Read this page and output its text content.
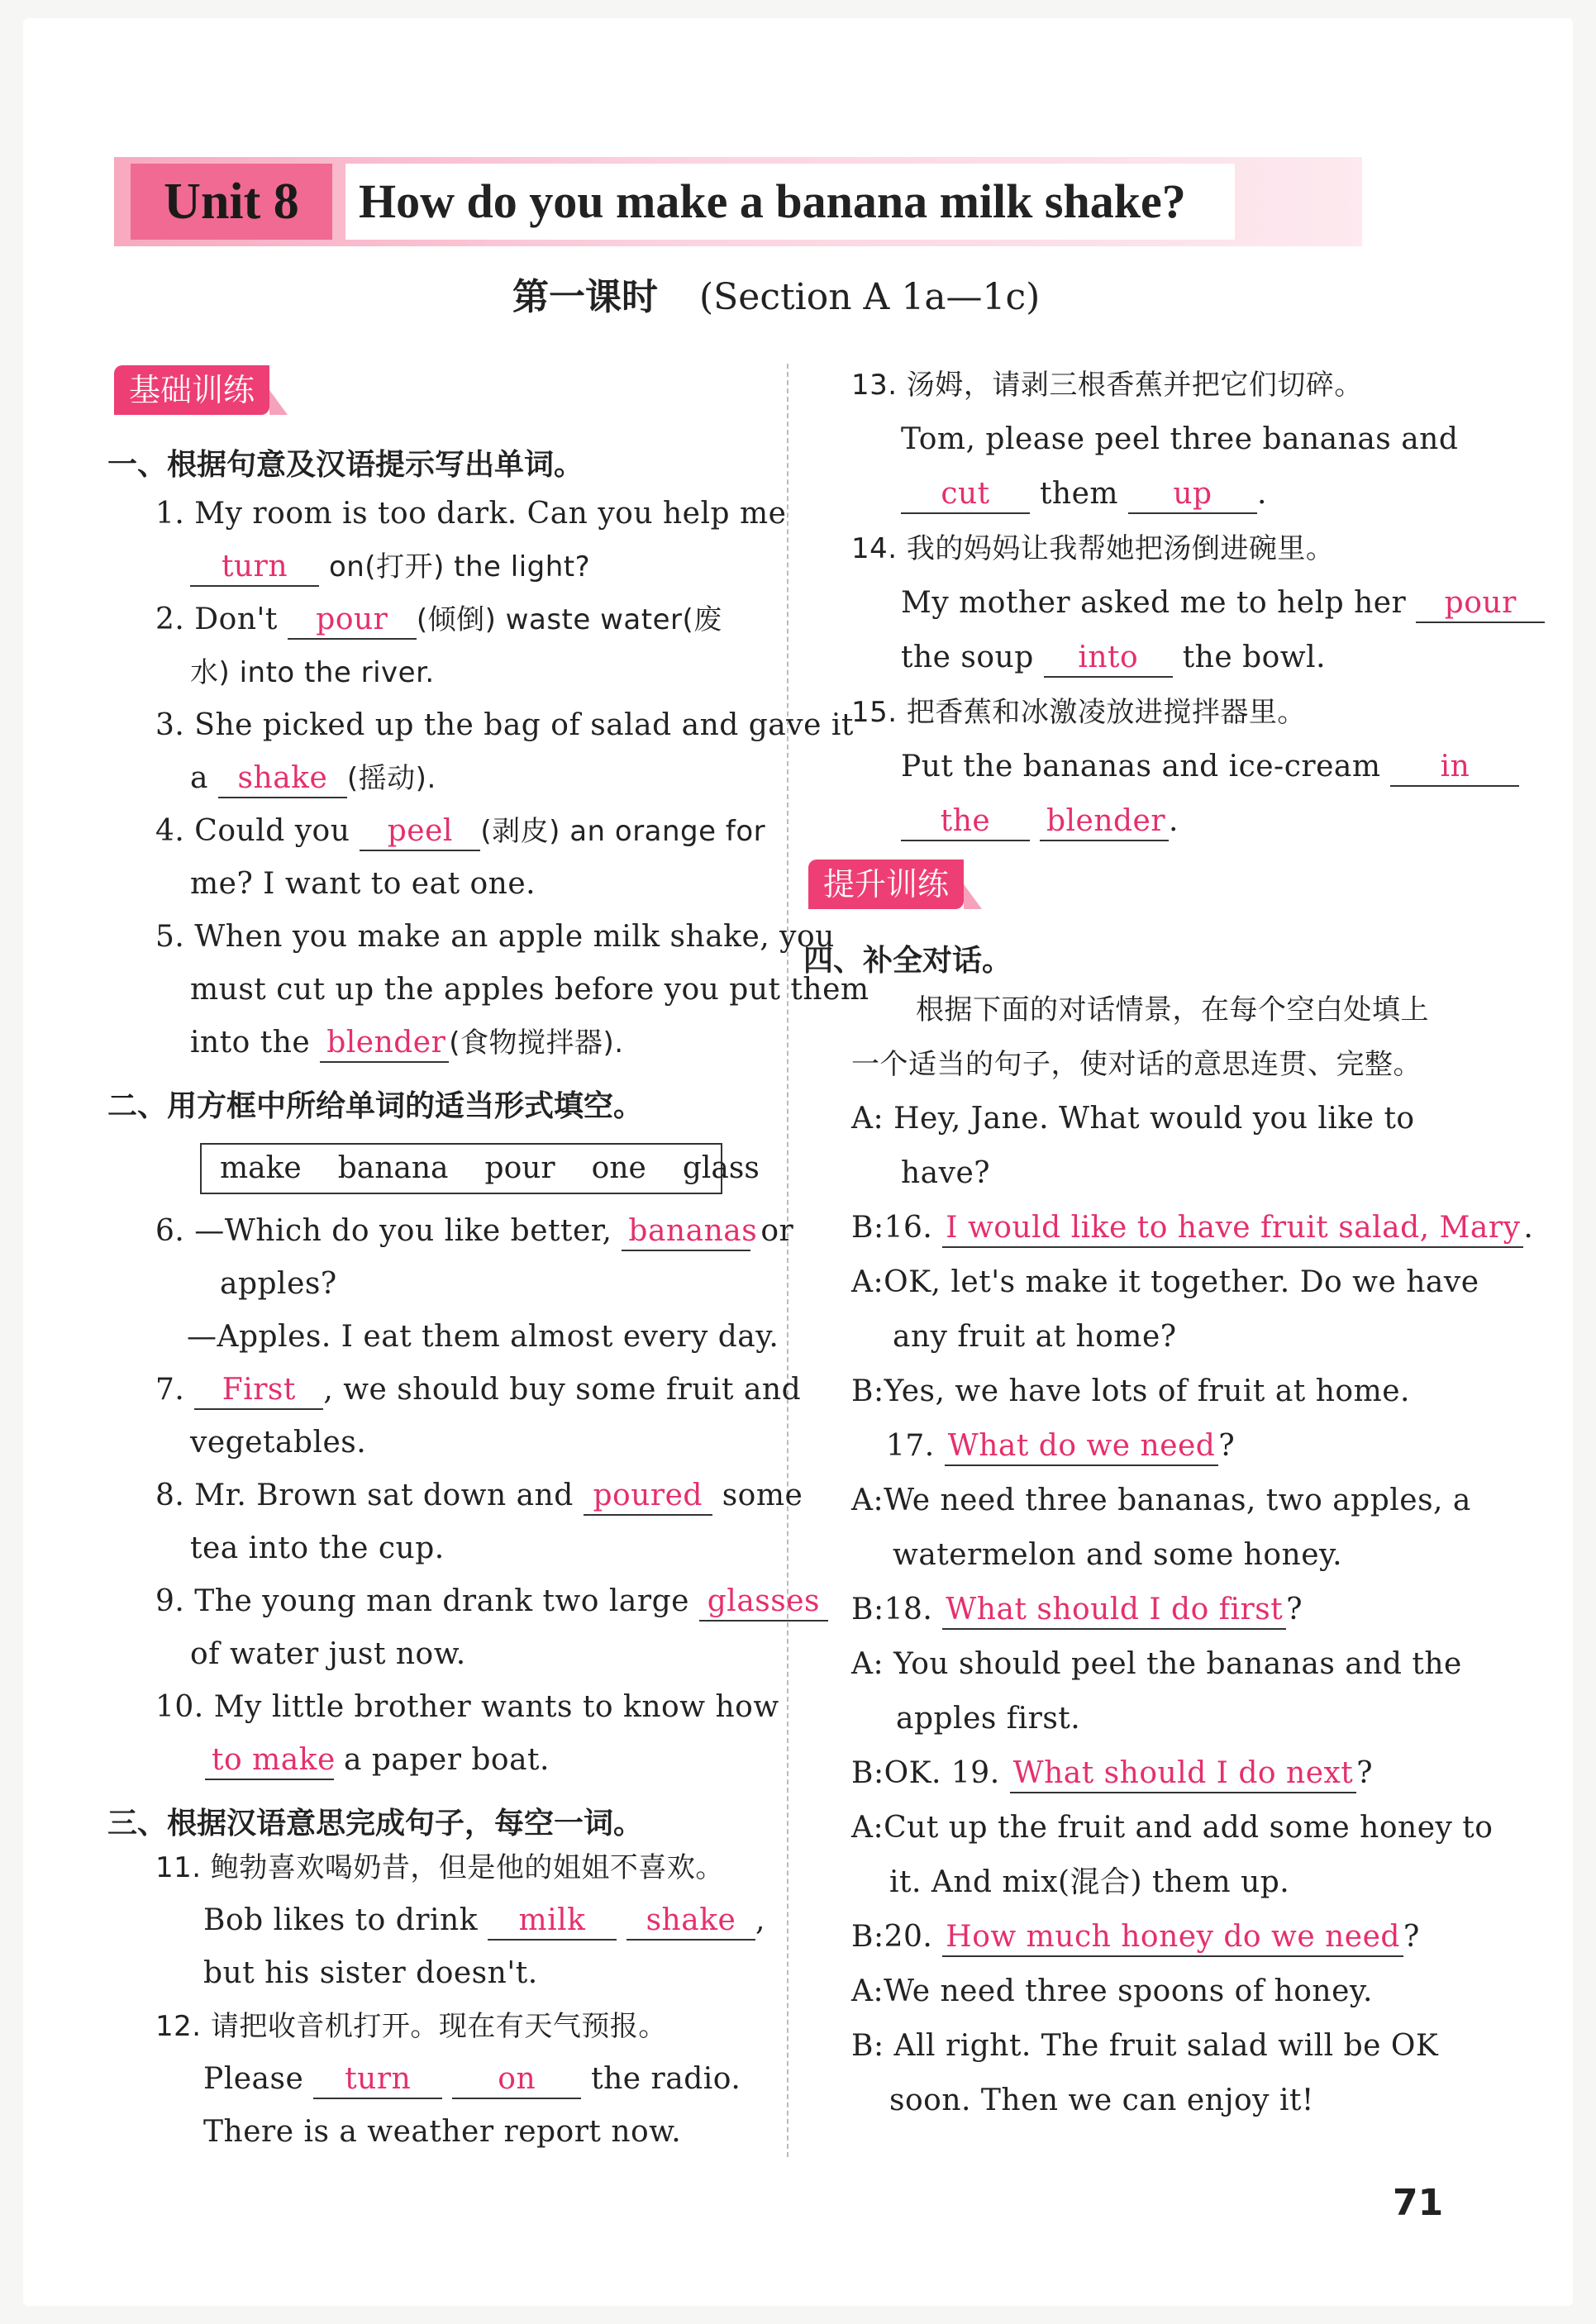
Unit 8	How do you make a banana milk shake?
第一课时 (Section A 1a—1c)
基础训练
一、根据句意及汉语提示写出单词。
1. My room is too dark. Can you help me
turn on(打开) the light?
2. Don't pour (倾倒) waste water(废
水) into the river.
3. She picked up the bag of salad and gave it
a shake (摇动).
4. Could you peel (剥皮) an orange for
me? I want to eat one.
5. When you make an apple milk shake, you
must cut up the apples before you put them
into the blender (食物搅拌器).
二、用方框中所给单词的适当形式填空。
make banana pour one glass
6. —Which do you like better, bananas or
apples?
—Apples. I eat them almost every day.
7. First , we should buy some fruit and
vegetables.
8. Mr. Brown sat down and poured some
tea into the cup.
9. The young man drank two large glasses
of water just now.
10. My little brother wants to know how
to make a paper boat.
三、根据汉语意思完成句子，每空一词。
11. 鲍勃喜欢喝奶昔，但是他的姐姐不喜欢。
Bob likes to drink milk shake ,
but his sister doesn't.
12. 请把收音机打开。现在有天气预报。
Please turn	on the radio.
There is a weather report now.
13. 汤姆，请剥三根香蕉并把它们切碎。
Tom, please peel three bananas and
cut them up .
14. 我的妈妈让我帮她把汤倒进碗里。
My mother asked me to help her pour
the soup into the bowl.
15. 把香蕉和冰激凌放进搅拌器里。
Put the bananas and ice-cream in
the blender .
提升训练
四、补全对话。
根据下面的对话情景，在每个空白处填上
一个适当的句子，使对话的意思连贯、完整。
A: Hey, Jane. What would you like to
have?
B:16. I would like to have fruit salad, Mary .
A:OK, let's make it together. Do we have
any fruit at home?
B:Yes, we have lots of fruit at home.
17. What do we need ?
A:We need three bananas, two apples, a
watermelon and some honey.
B:18. What should I do first ?
A: You should peel the bananas and the
apples first.
B:OK. 19. What should I do next ?
A:Cut up the fruit and add some honey to
it. And mix(混合) them up.
B:20. How much honey do we need ?
A:We need three spoons of honey.
B: All right. The fruit salad will be OK
soon. Then we can enjoy it!
71
